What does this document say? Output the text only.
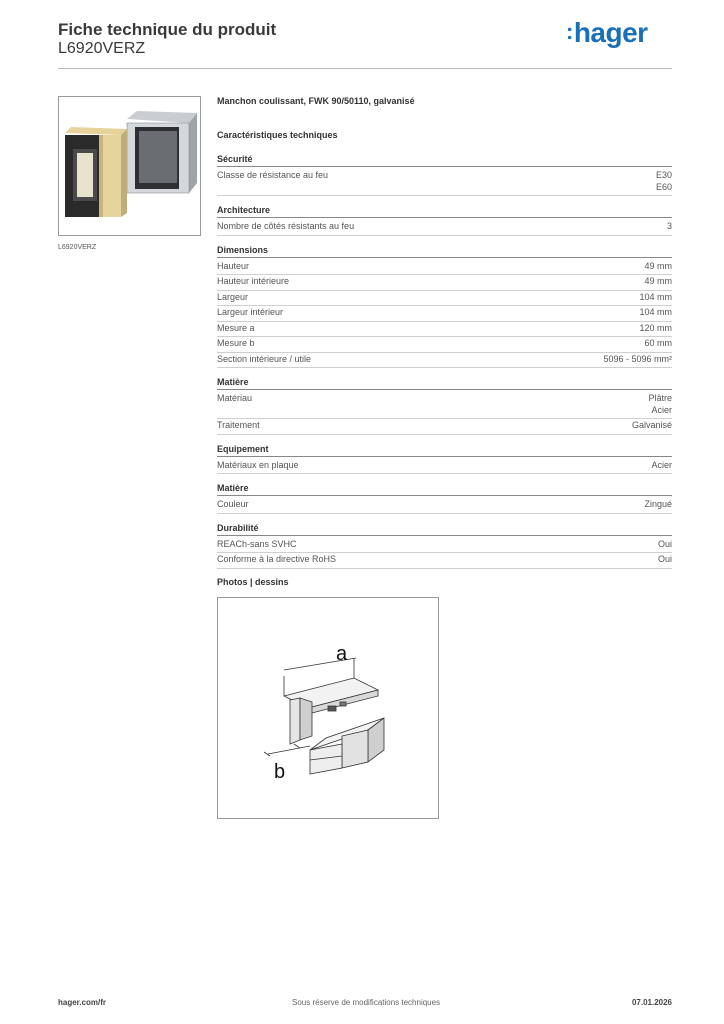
Fiche technique du produit
L6920VERZ
:hager
L6920VERZ
Manchon coulissant, FWK 90/50110, galvanisé
Caractéristiques techniques
Sécurité
Classe de résistance au feu	E30
E60
Architecture
Nombre de côtés résistants au feu	3
Dimensions
Hauteur	49 mm
Hauteur intérieure	49 mm
Largeur	104 mm
Largeur intérieur	104 mm
Mesure a	120 mm
Mesure b	60 mm
Section intérieure / utile	5096 - 5096 mm²
Matière
Matériau	Plâtre
Acier
Traitement	Galvanisé
Equipement
Matériaux en plaque	Acier
Matière
Couleur	Zingué
Durabilité
REACh-sans SVHC	Oui
Conforme à la directive RoHS	Oui
Photos | dessins
a
b
hager.com/fr	Sous réserve de modifications techniques	07.01.2026
